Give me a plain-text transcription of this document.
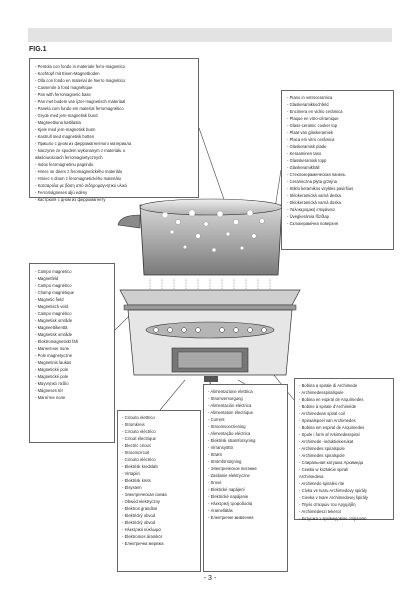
FIG.1
- Pentola con fondo in materiale ferro-magnetico
- Kochtopf mit Eisen-Magnetboden
- Olla con fondo en material de hierro magnético
- Casserole à fond magnétique
- Pan with ferromagnetic base
- Pan met bodem van ijzer-magnetisch materiaal
- Panela com fundo em material ferromagnético
- Gryde med jern-magnetisk bund
- Magneettiuna kattilasta
- Kjele med jern-magnetisk bunn
- Kastrull med magnetisk botten
- Пришло с дном из ферромагнитного материала
- Naczynie ze spodem wykonanym z materiału o
właściwościach ferromagnetycznych
- Indox feromagnetinu pagrindu
- Hrnec se dnem z feromagnetického materiálu
- Hrniec s dnom z feromagnetického materiálu
- Κατσαρόλα με βάση από σιδηρομαγνητικό υλικό
- Ferromágneses aljú edény
- Кастрюля с дном из ферромагнету
- Piano in vetroceramica
- Glaskeramikkochfeld
- Encimera en vidrio cerámica
- Plaque en vitro-céramique
- Glass-ceramic cooker top
- Plaat van glaskeramiek
- Placa em vitro cerâmica
- Glaskeramisk plade
- Keraaminen taso
- Glasskeramisk topp
- Glaskeramikhäll
- Стеклокерамическая панель
- Ceramiczna płyta grzejna
- Stiklo keramikos viryklės paviršius
- Sklokeramická varná deska
- Sklokeramická varná doska
- Υαλοκεραμική επιφάνεια
- Üvegkerámia főzőlap
- Склокерамічна поверхня
- Campo magnetico
- Magnetfeld
- Campo magnético
- Champ magnétique
- Magnetic field
- Magnetisch veld
- Campo magnético
- Magnetisk område
- Magneettikenttä
- Magnetisk område
- Elektromagnetiskt fält
- Магнитное поле
- Pole magnetyczne
- Magnetinis laukas
- Magnetické pole
- Magnetické pole
- Μαγνητικό πεδίο
- Mágneses tér
- Магнітне поле
- Bobina a spirale di Archimede
- Archimedesspiralspule
- Bobina en espiral de Arquímedes
- Bobine à spirale d'Archimède
- Archimedean spiral coil
- Spiraalspoel van Archimedes
- Bobina em espiral de Arquimedes
- Spole i form af Arkimedesspiral
- Archimede -induktiokierukat
- Archimedes spiralspole
- Archimedes spiralspole
- Спиральная катушка Архимеда
- Cewka w kształcie spirali
Archimedesa
- Archimedo spiralės ritė
- Cívka ve tvaru Archimedovy spirály
- Cievka v tvare Archimedovej špirály
- Πηνίο σπειρών του Αρχιμήδη
- Archimédeszi tekercs
- Котушка з архімедовою спіраллю
- Circuito elettrico
- Stromkreis
- Circuito eléctrico
- Circuit électrique
- Electric circuit
- Stroomcircuit
- Circuito eléctrico
- Elektrisk kredsløb
- Virtapiiri
- Elektrisk krets
- Elsystem
- Электрическая схема
- Obwód elektryczny
- Elektros grandinė
- Elektrický obvod
- Elektrický obvod
- Ηλεκτρικό κύκλωμα
- Elektromos áramkör
- Електрична мережа
- Alimentazione elettrica
- Stromversorgung
- Alimentación eléctrica
- Alimentation électrique
- Current
- Stroomvoorziening
- Alimentação eléctrica
- Elektrisk strømforsyning
- Virransyöttö
- Strøm
- Strömförsörjning
- Электрическое питание
- Zasilanie elektryczne
- Srovė
- Elektické napájení
- Elektrické napájanie
- Ηλεκτρική τροφοδοσία
- Áramellátás
- Електричне живлення
- 3 -
